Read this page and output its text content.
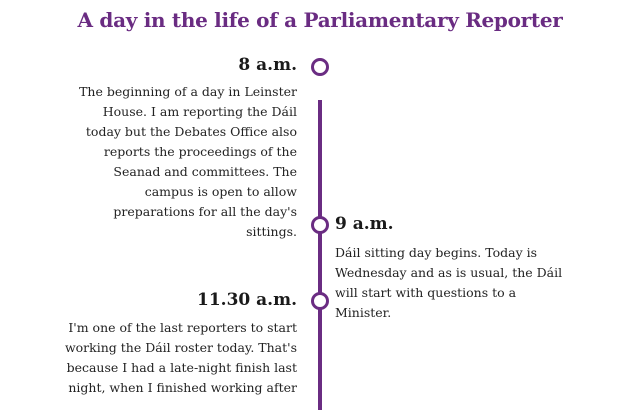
A day in the life of a Parliamentary Reporter
8 a.m.
The beginning of a day in Leinster House. I am reporting the Dáil today but the Debates Office also reports the proceedings of the Seanad and committees. The campus is open to allow preparations for all the day's sittings. 9 a.m.
Dáil sitting day begins. Today is Wednesday and as is usual, the Dáil will start with questions to a Minister.
11.30 a.m.
I'm one of the last reporters to start working the Dáil roster today. That's because I had a late-night finish last night, when I finished working after
